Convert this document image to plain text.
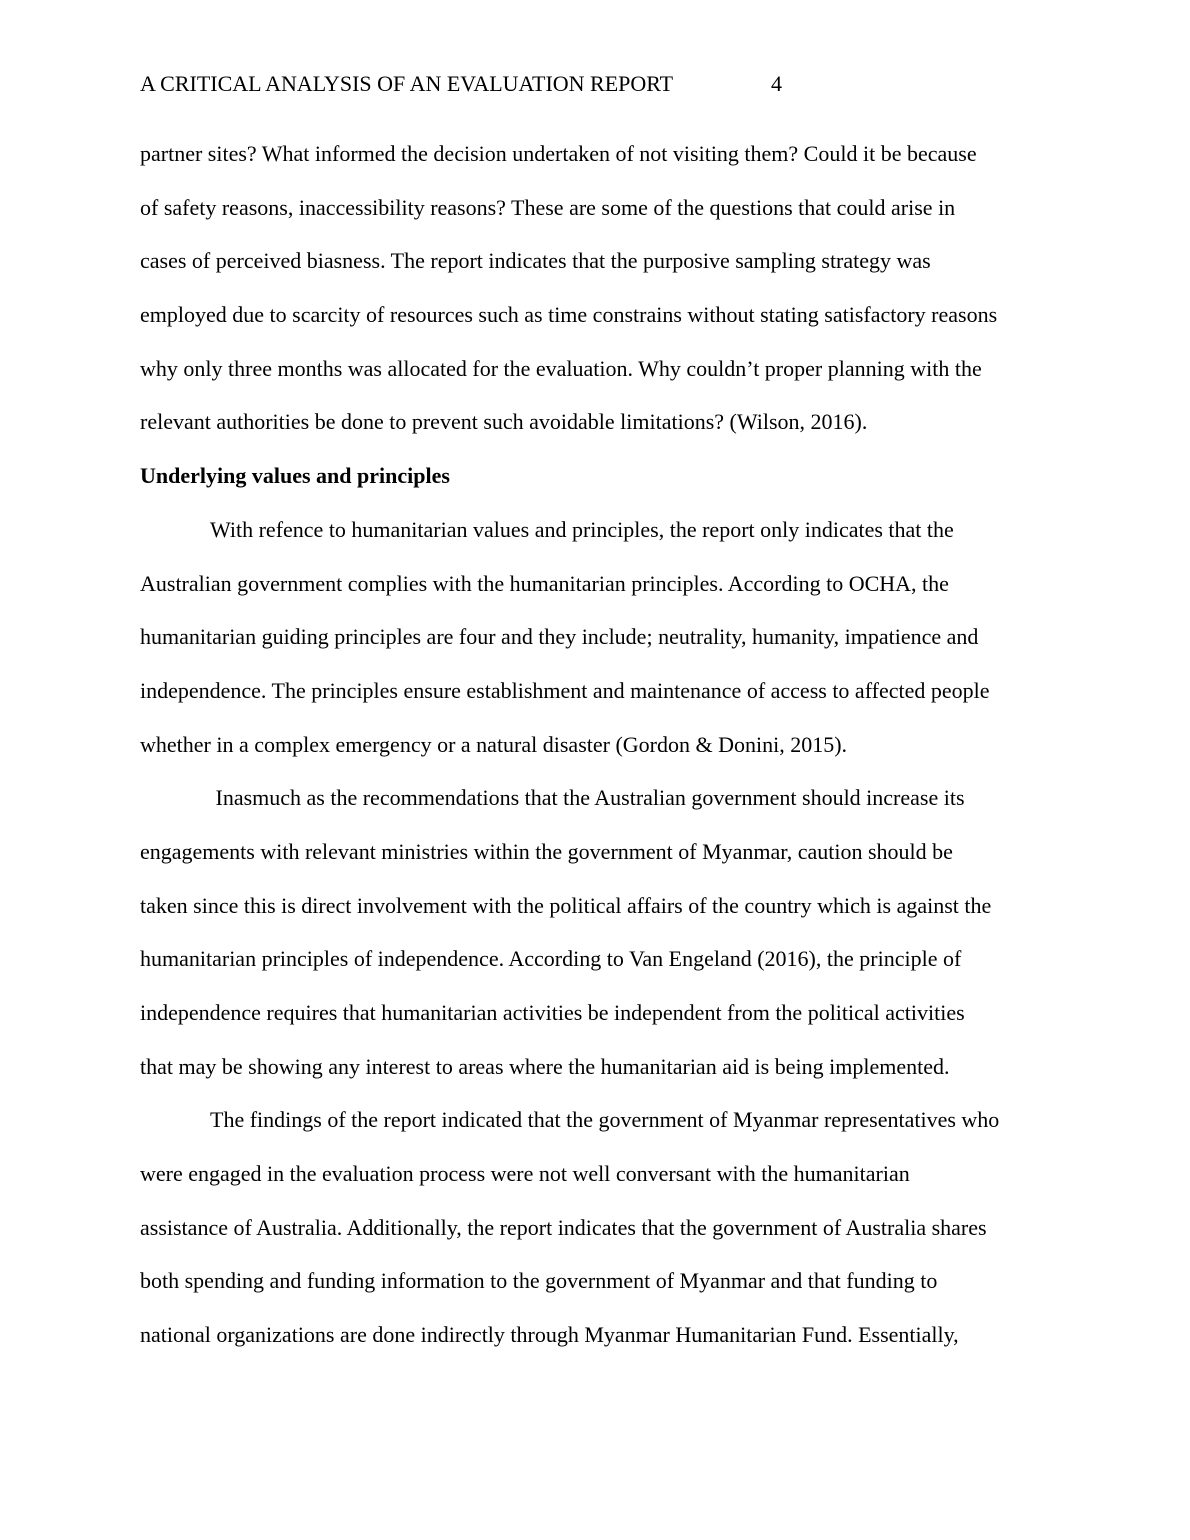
A CRITICAL ANALYSIS OF AN EVALUATION REPORT	4
partner sites? What informed the decision undertaken of not visiting them? Could it be because
of safety reasons, inaccessibility reasons? These are some of the questions that could arise in
cases of perceived biasness. The report indicates that the purposive sampling strategy was
employed due to scarcity of resources such as time constrains without stating satisfactory reasons
why only three months was allocated for the evaluation. Why couldn’t proper planning with the
relevant authorities be done to prevent such avoidable limitations? (Wilson, 2016).
Underlying values and principles
With refence to humanitarian values and principles, the report only indicates that the
Australian government complies with the humanitarian principles. According to OCHA, the
humanitarian guiding principles are four and they include; neutrality, humanity, impatience and
independence. The principles ensure establishment and maintenance of access to affected people
whether in a complex emergency or a natural disaster (Gordon & Donini, 2015).
Inasmuch as the recommendations that the Australian government should increase its
engagements with relevant ministries within the government of Myanmar, caution should be
taken since this is direct involvement with the political affairs of the country which is against the
humanitarian principles of independence. According to Van Engeland (2016), the principle of
independence requires that humanitarian activities be independent from the political activities
that may be showing any interest to areas where the humanitarian aid is being implemented.
The findings of the report indicated that the government of Myanmar representatives who
were engaged in the evaluation process were not well conversant with the humanitarian
assistance of Australia. Additionally, the report indicates that the government of Australia shares
both spending and funding information to the government of Myanmar and that funding to
national organizations are done indirectly through Myanmar Humanitarian Fund. Essentially,
